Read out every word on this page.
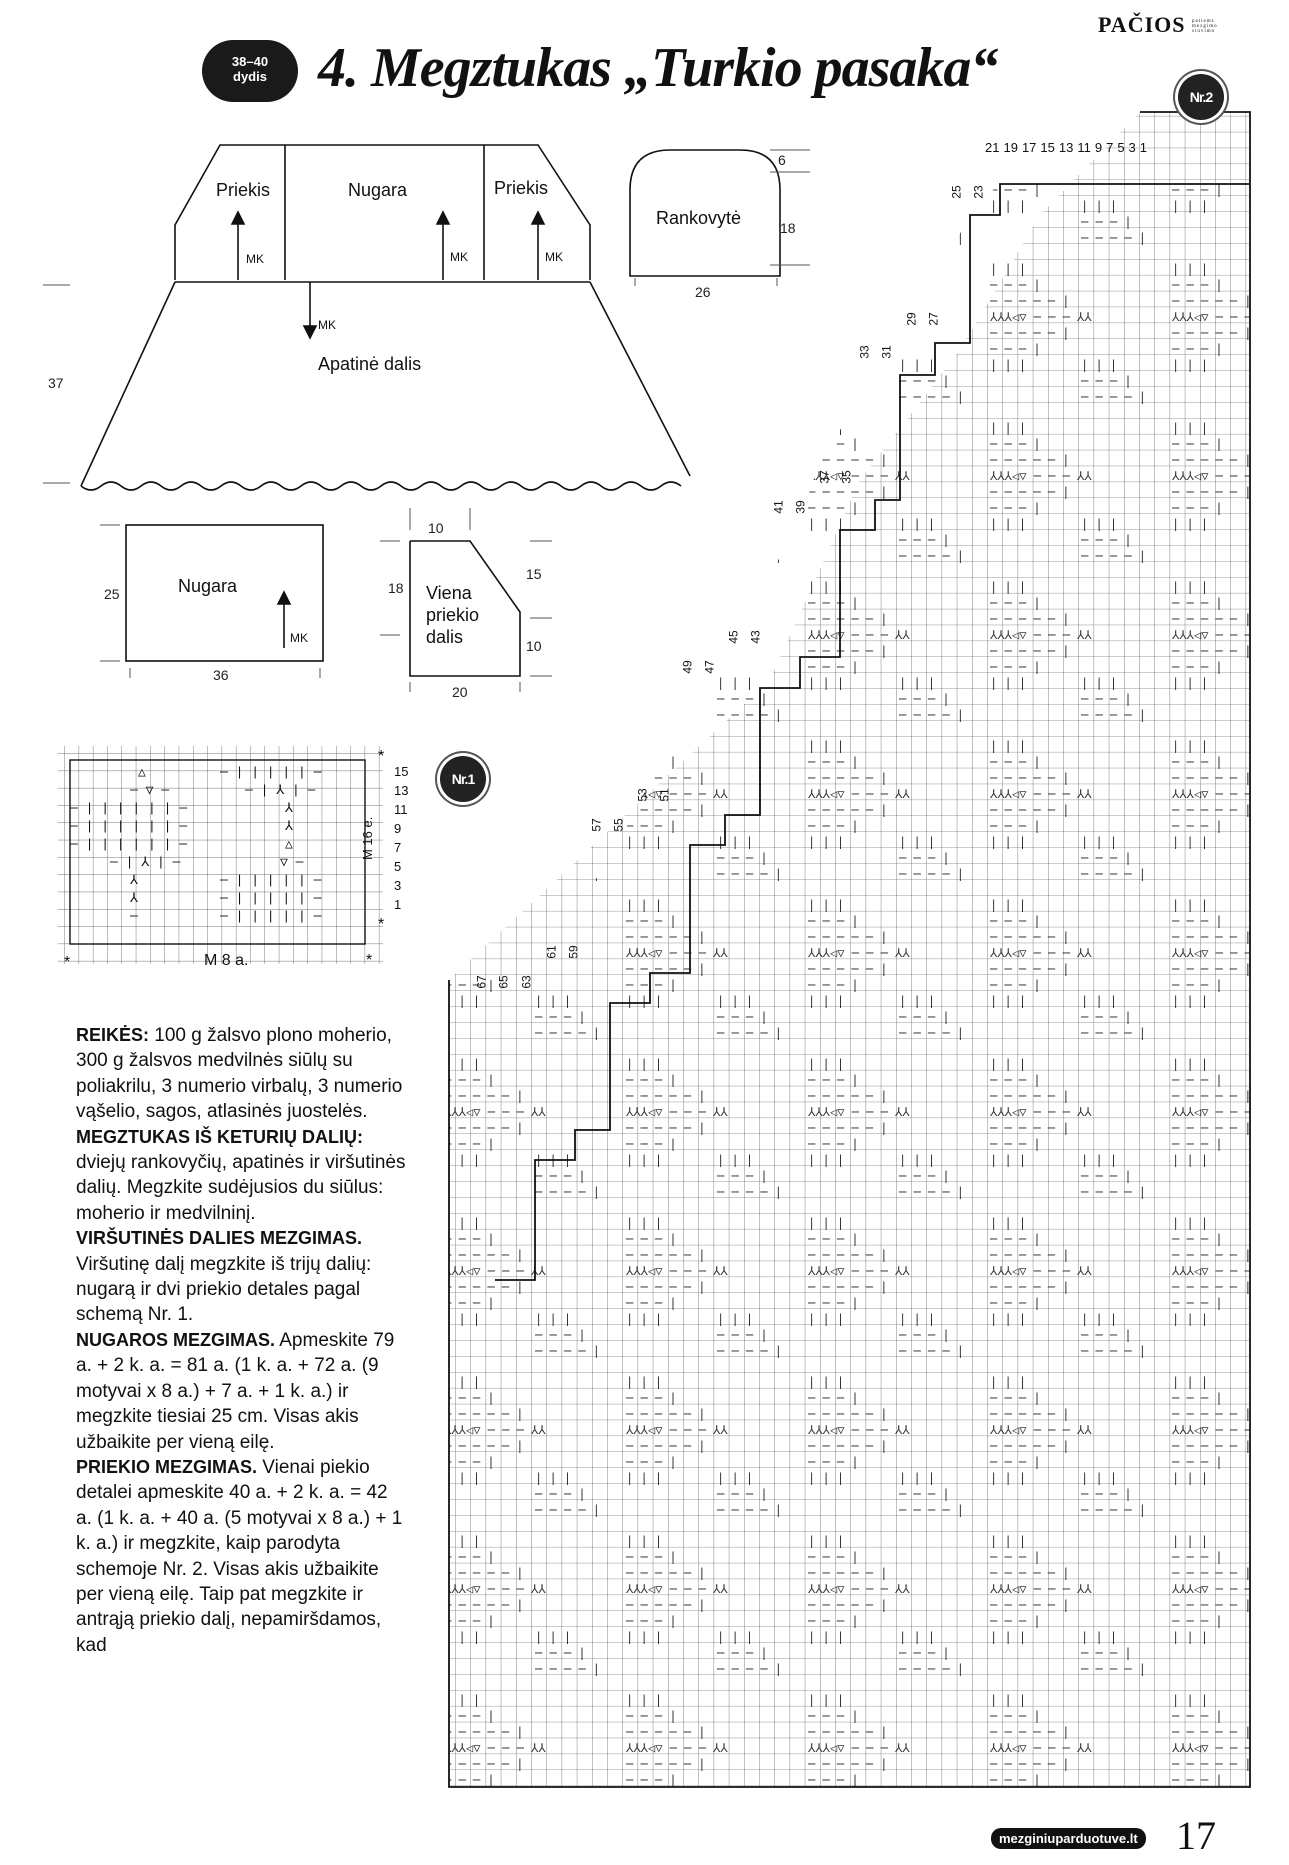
PAČIOS patiems mezgimo siuvimo
38–40
dydis 4. Megztukas „Turkio pasaka“
Priekis	Nugara	Priekis
MK	MK	MK
MK
Apatinė dalis
37
Rankovytė
6
18
26
Nugara
MK
25
36
Viena
priekio
dalis
10
18
15
10
20
△
─ ▽ ─
─ | | | | | | ─
─ | | | | | | ─
─ | | | | | | ─
─ | ⅄ | ─
⅄
⅄
─
─ | | | | | ─
─ | ⅄ | ─
⅄
⅄
△
▽ ─
─ | | | | | ─
─ | | | | | ─
─ | | | | | ─
Nr.1
15
13
11
9
7
5
3
1
M 16 e.
M 8 a.
*	*
*
*
Nr.2
21 19 17 15 13 11 9 7 5 3 1

REIKĖS: 100 g žalsvo plono moherio, 300 g žalsvos medvilnės siūlų su poliakrilu, 3 numerio virbalų, 3 numerio vąšelio, sagos, atlasinės juostelės.

MEGZTUKAS IŠ KETURIŲ DALIŲ: dviejų rankovyčių, apatinės ir viršutinės dalių. Megzkite sudėjusios du siūlus: moherio ir medvilninį.

VIRŠUTINĖS DALIES MEZGIMAS. Viršutinę dalį megzkite iš trijų dalių: nugarą ir dvi priekio detales pagal schemą Nr. 1.

NUGAROS MEZGIMAS. Apmeskite 79 a. + 2 k. a. = 81 a. (1 k. a. + 72 a. (9 motyvai x 8 a.) + 7 a. + 1 k. a.) ir megzkite tiesiai 25 cm. Visas akis užbaikite per vieną eilę.

PRIEKIO MEZGIMAS. Vienai piekio detalei apmeskite 40 a. + 2 k. a. = 42 a. (1 k. a. + 40 a. (5 motyvai x 8 a.) + 1 k. a.) ir megzkite, kaip parodyta schemoje Nr. 2. Visas akis užbaikite per vieną eilę. Taip pat megzkite ir antrąją priekio dalį, nepamiršdamos, kad

mezginiuparduotuve.lt 17
25 23
29 27
33 31
37 35
41 39
45 43
49 47
53 51
57 55
61 59
67 65 63
